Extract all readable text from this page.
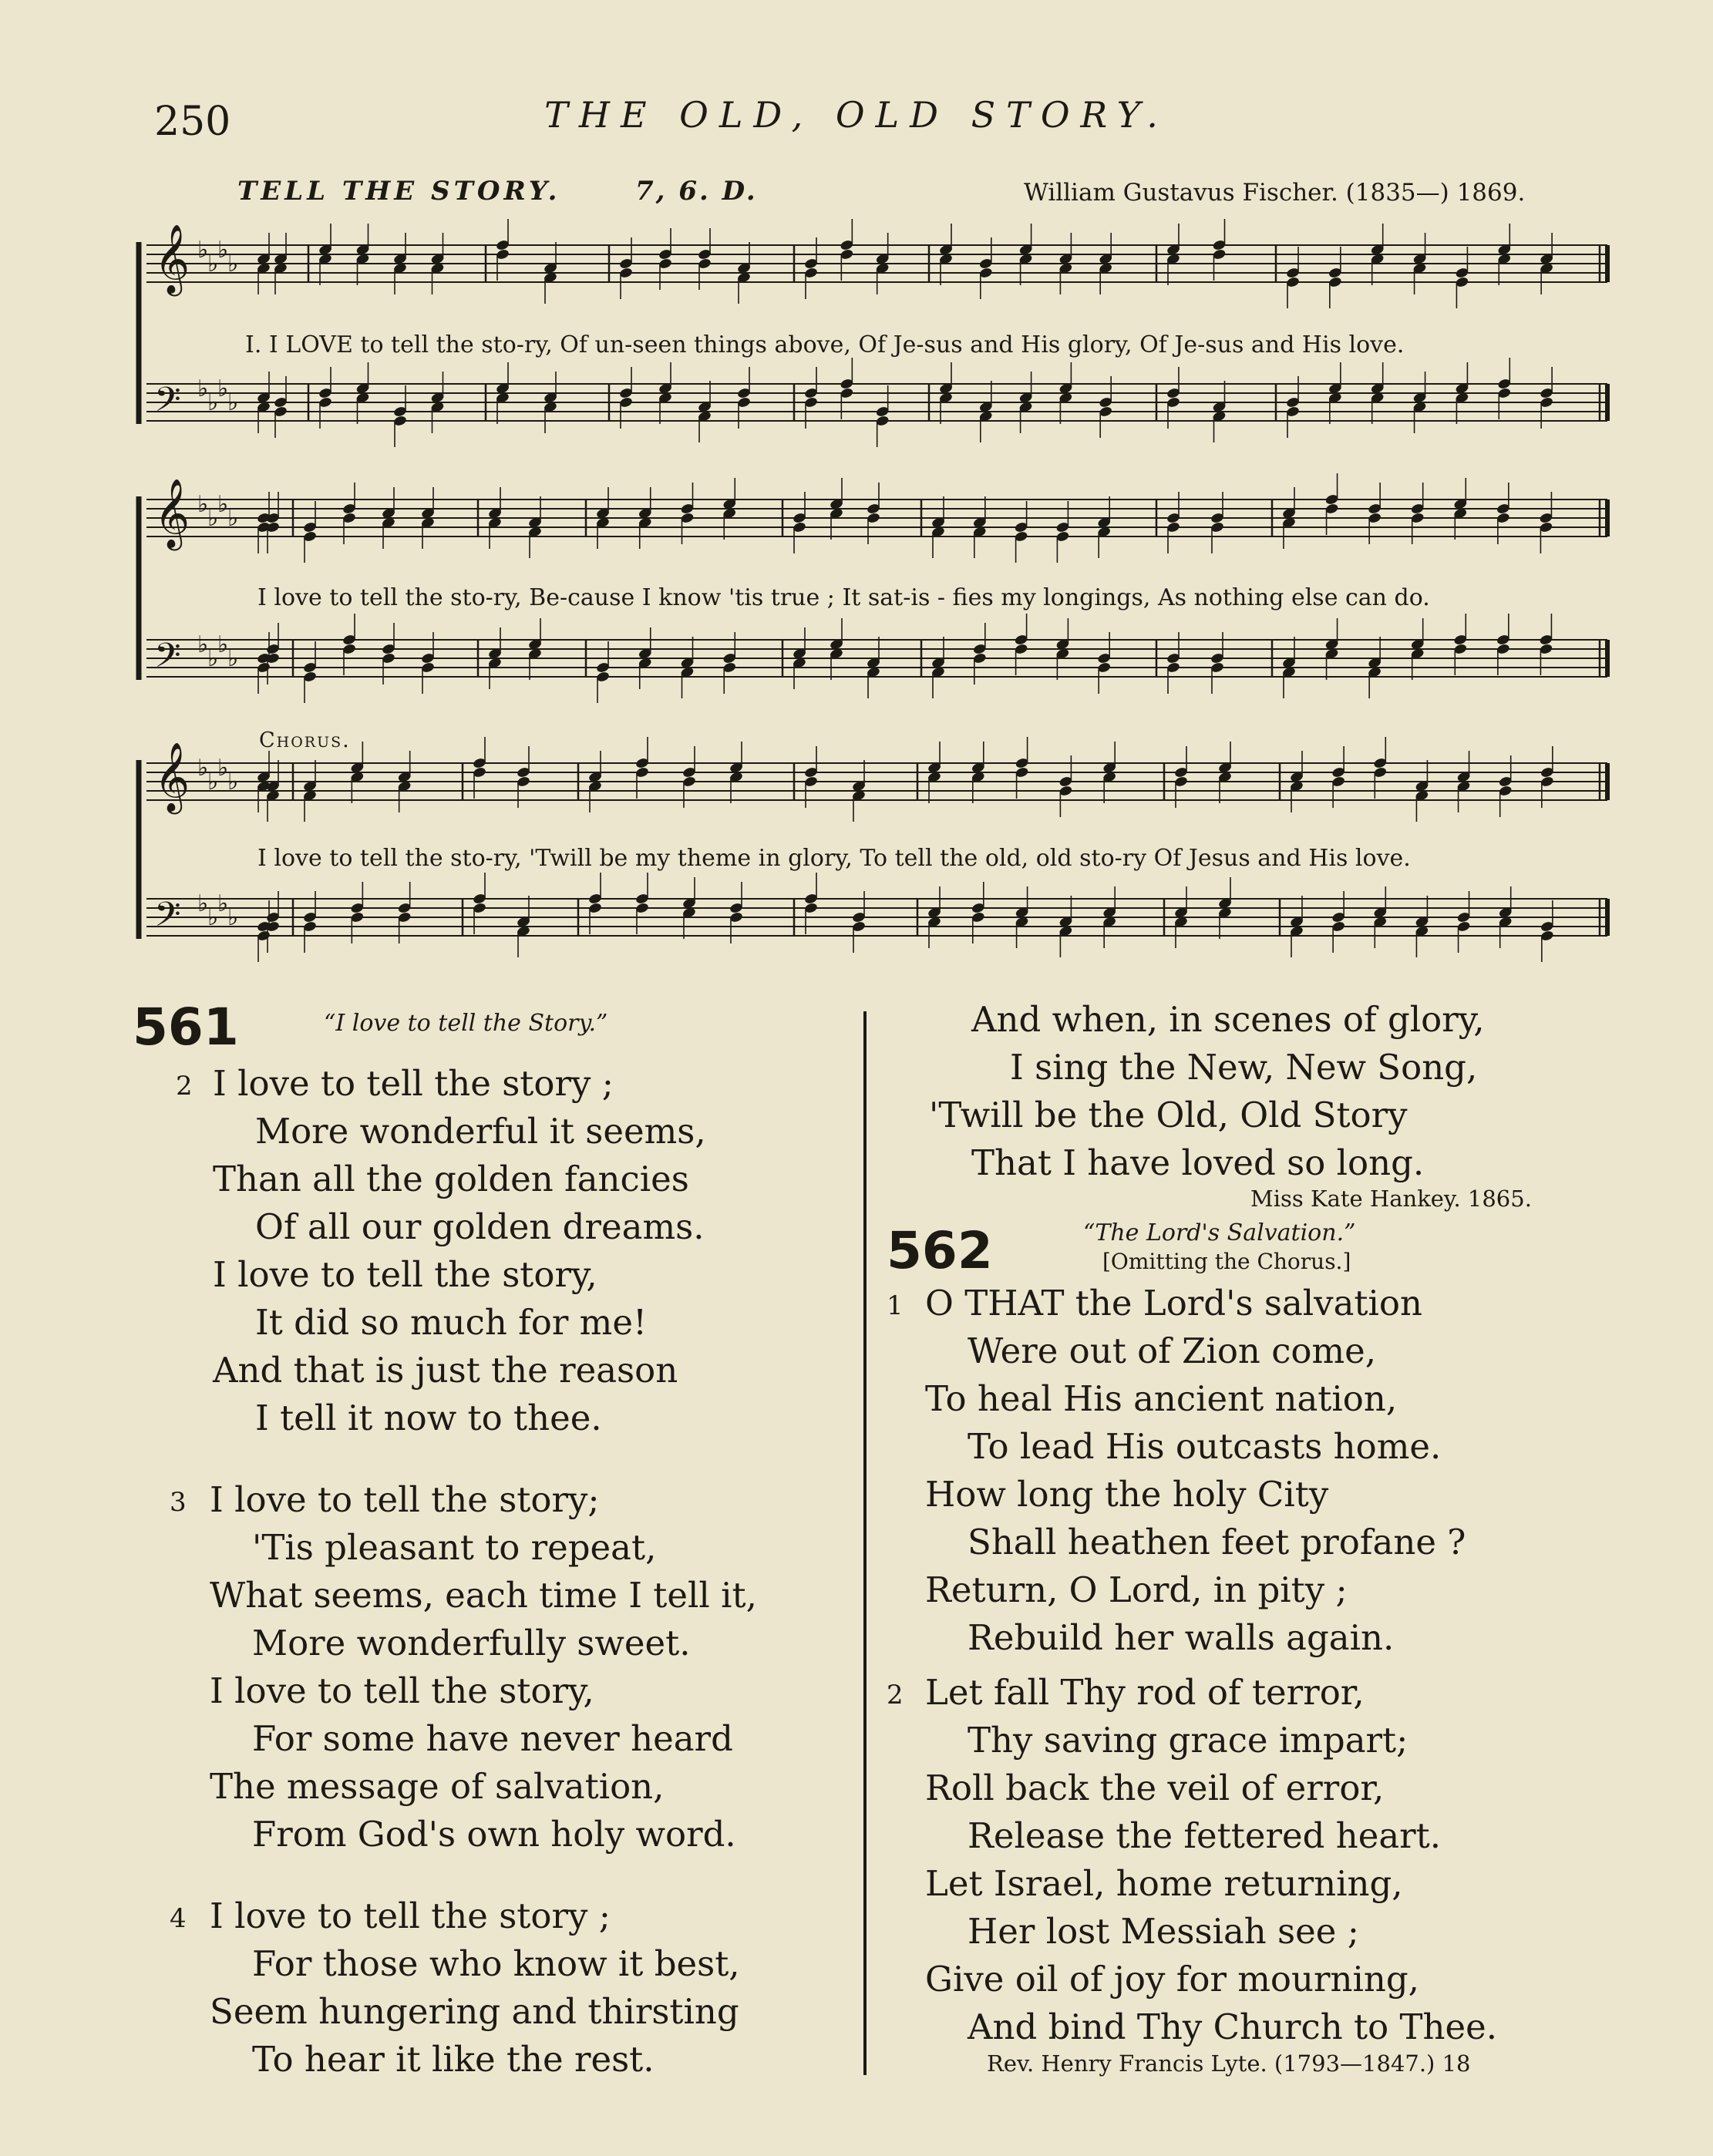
250	THE OLD, OLD STORY.
TELL THE STORY.	7, 6. D.	William Gustavus Fischer. (1835—) 1869.
𝄞 ♭
♭
♭
♭
𝄢 ♭
♭
♭
♭
𝄞 ♭
♭
♭
♭
𝄢 ♭
♭
♭
♭
𝄞 ♭
♭
♭
♭
𝄢 ♭
♭
♭
♭
I. I LOVE to tell the sto-ry, Of un-seen things above, Of Je-sus and His glory, Of Je-sus and His love.
I love to tell the sto-ry, Be-cause I know 'tis true ; It sat-is - fies my longings, As nothing else can do.
Chorus.
I love to tell the sto-ry, 'Twill be my theme in glory, To tell the old, old sto-ry Of Jesus and His love.
561	“I love to tell the Story.”
2 I love to tell the story ;
More wonderful it seems,
Than all the golden fancies
Of all our golden dreams.
I love to tell the story,
It did so much for me!
And that is just the reason
I tell it now to thee.
3 I love to tell the story;
'Tis pleasant to repeat,
What seems, each time I tell it,
More wonderfully sweet.
I love to tell the story,
For some have never heard
The message of salvation,
From God's own holy word.
4 I love to tell the story ;
For those who know it best,
Seem hungering and thirsting
To hear it like the rest.
And when, in scenes of glory,
I sing the New, New Song,
'Twill be the Old, Old Story
That I have loved so long.
Miss Kate Hankey. 1865.
562	“The Lord's Salvation.”
[Omitting the Chorus.]
1 O THAT the Lord's salvation
Were out of Zion come,
To heal His ancient nation,
To lead His outcasts home.
How long the holy City
Shall heathen feet profane ?
Return, O Lord, in pity ;
Rebuild her walls again.
2 Let fall Thy rod of terror,
Thy saving grace impart;
Roll back the veil of error,
Release the fettered heart.
Let Israel, home returning,
Her lost Messiah see ;
Give oil of joy for mourning,
And bind Thy Church to Thee.
Rev. Henry Francis Lyte. (1793—1847.) 18
